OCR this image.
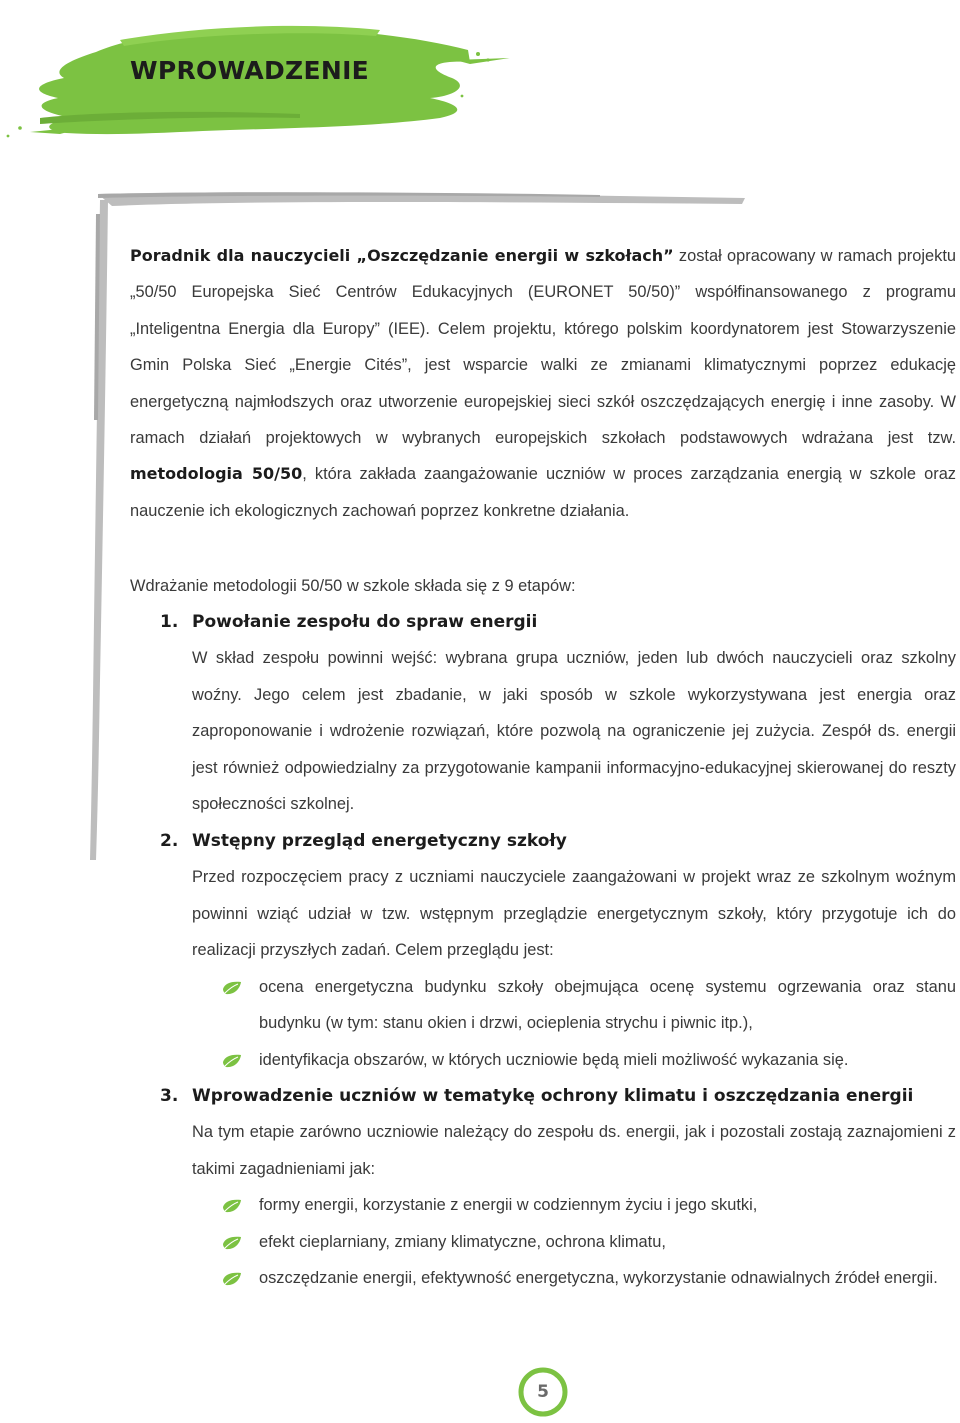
WPROWADZENIE

Poradnik dla nauczycieli „Oszczędzanie energii w szkołach” został opracowany w ramach projektu „50/50 Europejska Sieć Centrów Edukacyjnych (EURONET 50/50)” współfinansowanego z programu „Inteligentna Energia dla Europy” (IEE). Celem projektu, którego polskim koordynatorem jest Stowarzyszenie Gmin Polska Sieć „Energie Cités”, jest wsparcie walki ze zmianami klimatycznymi poprzez edukację energetyczną najmłodszych oraz utworzenie europejskiej sieci szkół oszczędzających energię i inne zasoby. W ramach działań projektowych w wybranych europejskich szkołach podstawowych wdrażana jest tzw. metodologia 50/50, która zakłada zaangażowanie uczniów w proces zarządzania energią w szkole oraz nauczenie ich ekologicznych zachowań poprzez konkretne działania.

Wdrażanie metodologii 50/50 w szkole składa się z 9 etapów:

1. Powołanie zespołu do spraw energii

W skład zespołu powinni wejść: wybrana grupa uczniów, jeden lub dwóch nauczycieli oraz szkolny woźny. Jego celem jest zbadanie, w jaki sposób w szkole wykorzystywana jest energia oraz zaproponowanie i wdrożenie rozwiązań, które pozwolą na ograniczenie jej zużycia. Zespół ds. energii jest również odpowiedzialny za przygotowanie kampanii informacyjno-edukacyjnej skierowanej do reszty społeczności szkolnej.

2. Wstępny przegląd energetyczny szkoły

Przed rozpoczęciem pracy z uczniami nauczyciele zaangażowani w projekt wraz ze szkolnym woźnym powinni wziąć udział w tzw. wstępnym przeglądzie energetycznym szkoły, który przygotuje ich do realizacji przyszłych zadań. Celem przeglądu jest:

ocena energetyczna budynku szkoły obejmująca ocenę systemu ogrzewania oraz stanu budynku (w tym: stanu okien i drzwi, ocieplenia strychu i piwnic itp.),
identyfikacja obszarów, w których uczniowie będą mieli możliwość wykazania się.
3. Wprowadzenie uczniów w tematykę ochrony klimatu i oszczędzania energii

Na tym etapie zarówno uczniowie należący do zespołu ds. energii, jak i pozostali zostają zaznajomieni z takimi zagadnieniami jak:

formy energii, korzystanie z energii w codziennym życiu i jego skutki,
efekt cieplarniany, zmiany klimatyczne, ochrona klimatu,
oszczędzanie energii, efektywność energetyczna, wykorzystanie odnawialnych źródeł energii.
5
